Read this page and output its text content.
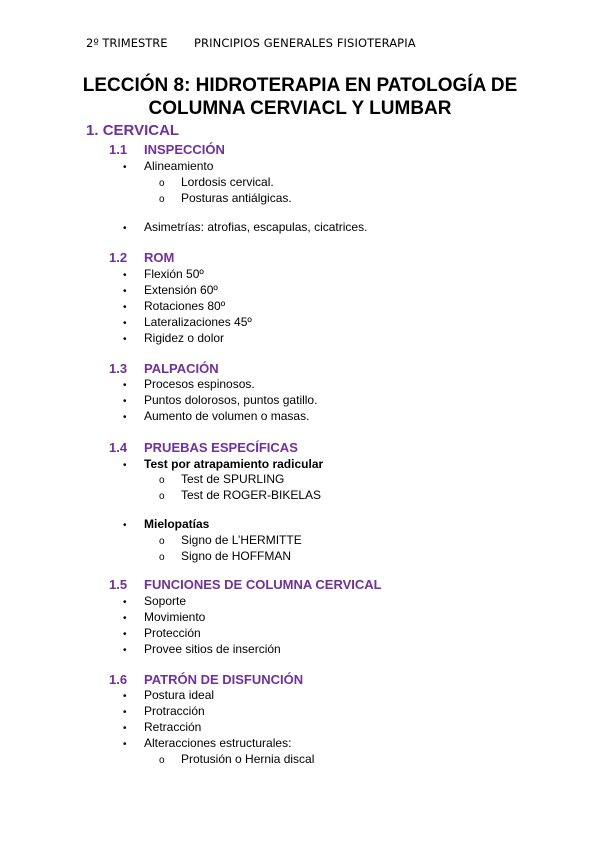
2º TRIMESTRE	PRINCIPIOS GENERALES FISIOTERAPIA
LECCIÓN 8: HIDROTERAPIA EN PATOLOGÍA DE
COLUMNA CERVIACL Y LUMBAR
1. CERVICAL
1.1	INSPECCIÓN
•	Alineamiento
o	Lordosis cervical.
o	Posturas antiálgicas.
•	Asimetrías: atrofias, escapulas, cicatrices.
1.2	ROM
•	Flexión 50º
•	Extensión 60º
•	Rotaciones 80º
•	Lateralizaciones 45º
•	Rigidez o dolor
1.3	PALPACIÓN
•	Procesos espinosos.
•	Puntos dolorosos, puntos gatillo.
•	Aumento de volumen o masas.
1.4	PRUEBAS ESPECÍFICAS
•	Test por atrapamiento radicular
o	Test de SPURLING
o	Test de ROGER-BIKELAS
•	Mielopatías
o	Signo de L’HERMITTE
o	Signo de HOFFMAN
1.5	FUNCIONES DE COLUMNA CERVICAL
•	Soporte
•	Movimiento
•	Protección
•	Provee sitios de inserción
1.6	PATRÓN DE DISFUNCIÓN
•	Postura ideal
•	Protracción
•	Retracción
•	Alteracciones estructurales:
o	Protusión o Hernia discal
